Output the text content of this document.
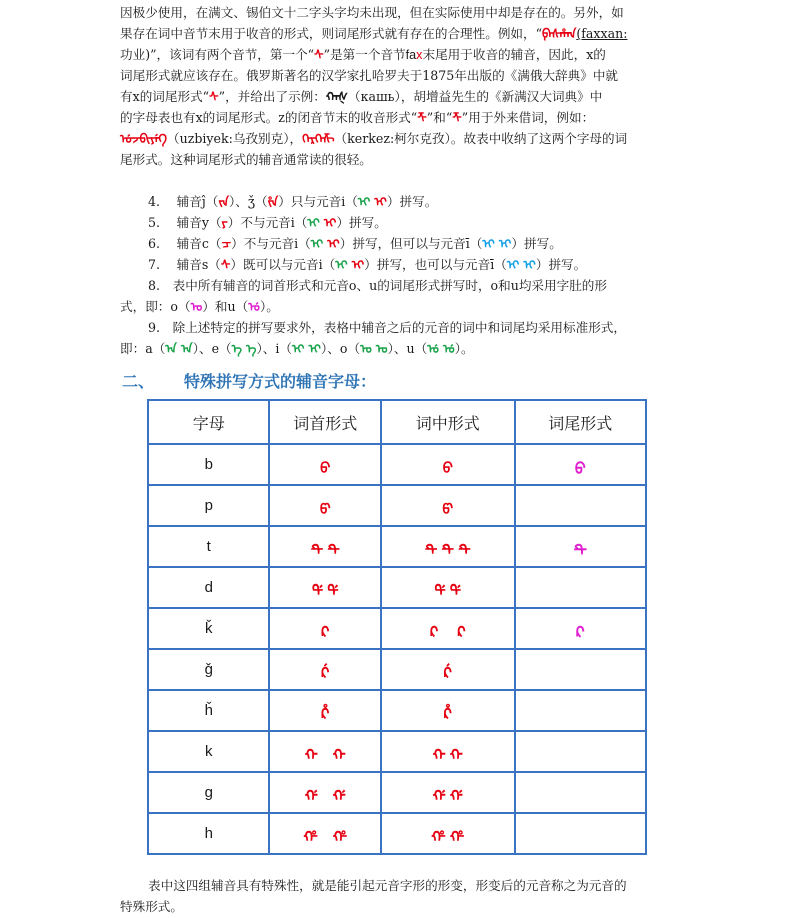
因极少使用，在满文、锡伯文十二字头字均未出现，但在实际使用中却是存在的。另外，如

果存在词中音节末用于收音的形式，则词尾形式就有存在的合理性。例如，“ᠹᠠᠰᡥᠠᠨ(faxxan:

功业)”，该词有两个音节，第一个“ᠰ”是第一个音节fax末尾用于收音的辅音，因此，x的

词尾形式就应该存在。俄罗斯著名的汉学家扎哈罗夫于1875年出版的《满俄大辞典》中就

有x的词尾形式“ᠰ”，并给出了示例：ᡴᠠᡧ（кашь），胡增益先生的《新满汉大词典》中

的字母表也有x的词尾形式。z的闭音节末的收音形式“ᡯ”和“ᡯ”用于外来借词，例如：

ᡠᠵᠪᡳᠶᡝᡴ（uzbiyek:乌孜别克），ᡴᡝᡵᡴᡝᡯ（kerkez:柯尔克孜）。故表中收纳了这两个字母的词

尾形式。这种词尾形式的辅音通常读的很轻。

4.　 辅音ĵ（ᡪᠠ）、ǯ（ᡷᠠ）只与元音i（ᡳ ᡳ）拼写。

5.　 辅音y（ᠶ）不与元音i（ᡳ ᡳ）拼写。

6.　 辅音c（ᠴ）不与元音i（ᡳ ᡳ）拼写，但可以与元音ī（ᡳ ᡳ）拼写。

7.　 辅音s（ᠰ）既可以与元音i（ᡳ ᡳ）拼写，也可以与元音ī（ᡳ ᡳ）拼写。

8.　表中所有辅音的词首形式和元音o、u的词尾形式拼写时，o和u均采用字肚的形

式，即：o（ᠣ）和u（ᡠ）。

9.　除上述特定的拼写要求外，表格中辅音之后的元音的词中和词尾均采用标准形式，

即：a（ᠠ ᠠ）、e（ᡝ ᡝ）、i（ᡳ ᡳ）、o（ᠣ ᠣ）、u（ᡠ ᡠ）。

二、 特殊拼写方式的辅音字母：
字母	词首形式	词中形式	词尾形式
b	ᠪ	ᠪ	ᠪ
p	ᡦ	ᡦ	
t	ᡨ ᡨ	ᡨ ᡨ ᡨ	ᡨ
d	ᡩ ᡩ	ᡩ ᡩ	
ǩ	ᠺ	ᠺ　 ᠺ	ᠺ
ǧ	ᡬ	ᡬ	
ȟ	ᡭ	ᡭ	
k	ᡴ　ᡴ	ᡴ ᡴ	
g	ᡤ　ᡤ	ᡤ ᡤ	
h	ᡥ　ᡥ	ᡥ ᡥ	

表中这四组辅音具有特殊性，就是能引起元音字形的形变，形变后的元音称之为元音的

特殊形式。
